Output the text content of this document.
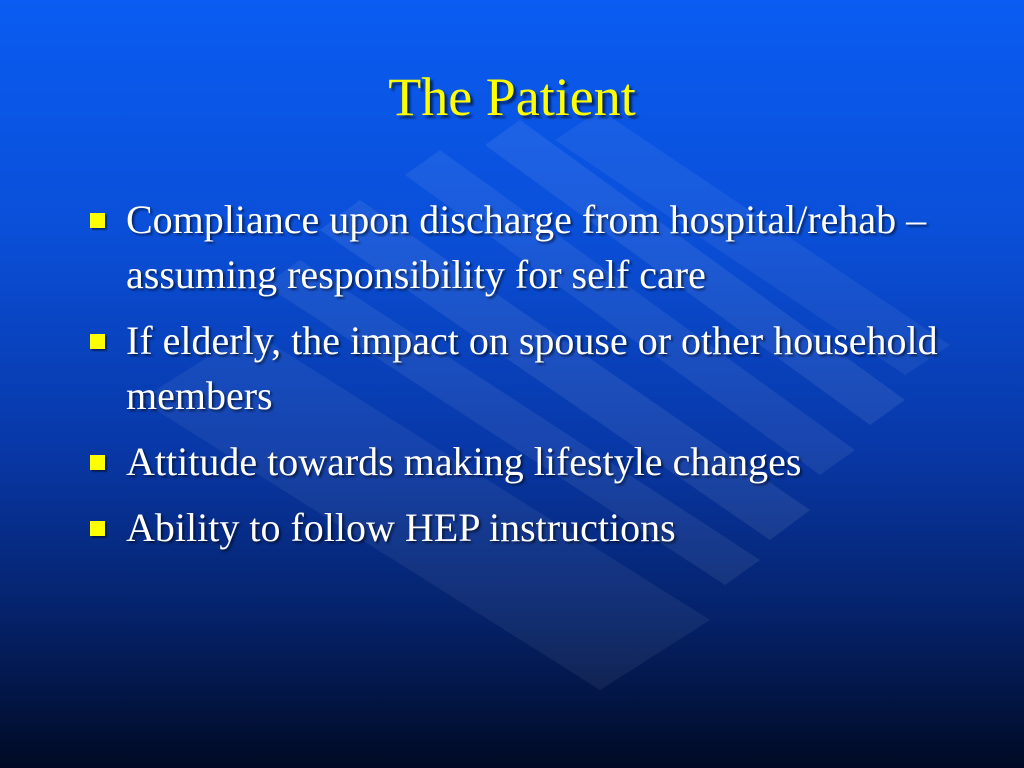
The Patient
Compliance upon discharge from hospital/rehab – assuming responsibility for self care
If elderly, the impact on spouse or other household members
Attitude towards making lifestyle changes
Ability to follow HEP instructions
